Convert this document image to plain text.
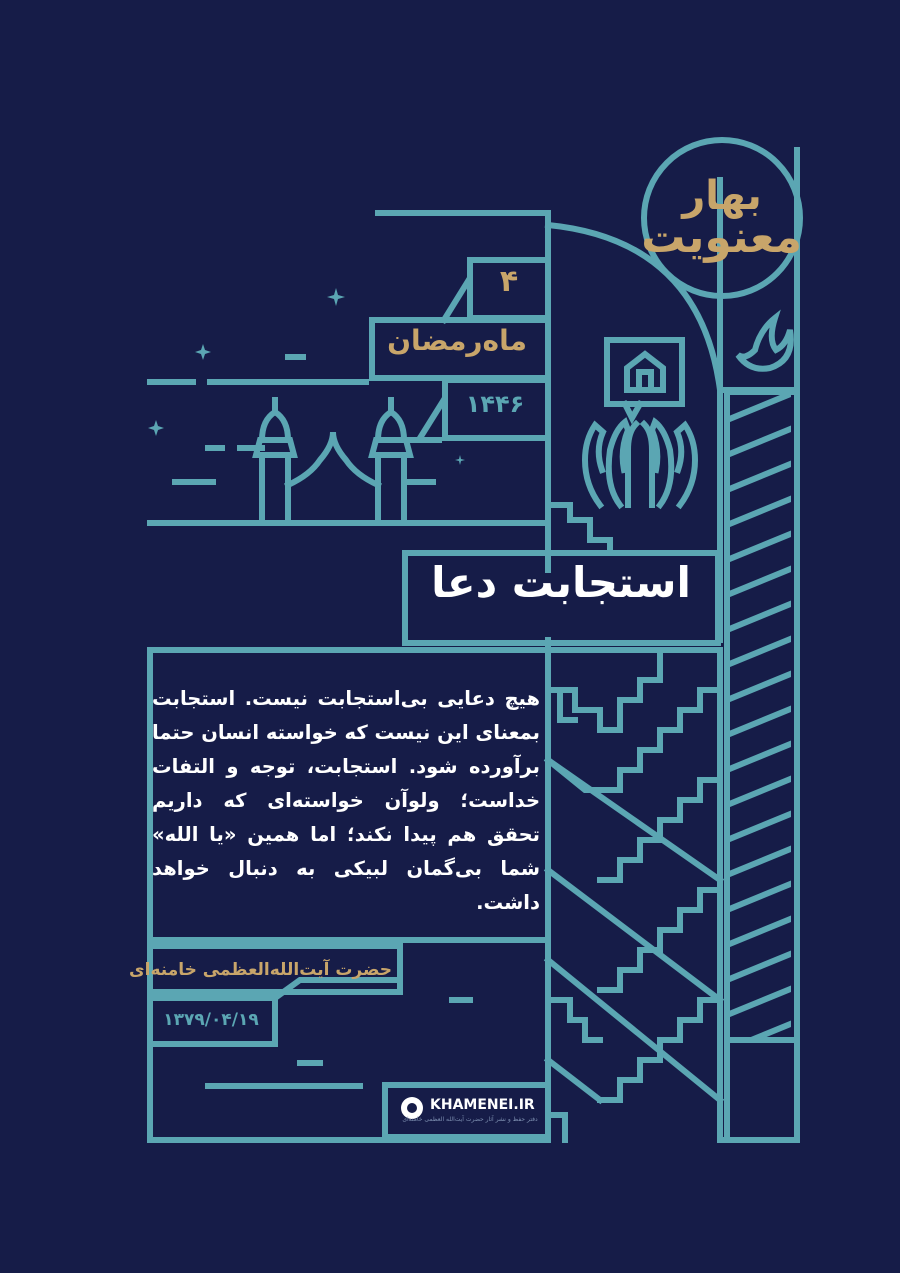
بهار
معنویت
۴
ماه‌رمضان
۱۴۴۶
استجابت دعا
هیچ دعایی بی‌استجابت نیست. استجابت بمعنای این نیست که خواسته انسان حتما برآورده شود. استجابت، توجه و التفات خداست؛ ولوآن خواسته‌ای که داریم تحقق هم پیدا نکند؛ اما همین «یا الله» شما بی‌گمان لبیکی به دنبال خواهد داشت.
حضرت آیت‌الله‌العظمی خامنه‌ای
۱۳۷۹/۰۴/۱۹
KHAMENEI.IR
دفتر حفظ و نشر آثار حضرت آیت‌الله العظمی خامنه‌ای
